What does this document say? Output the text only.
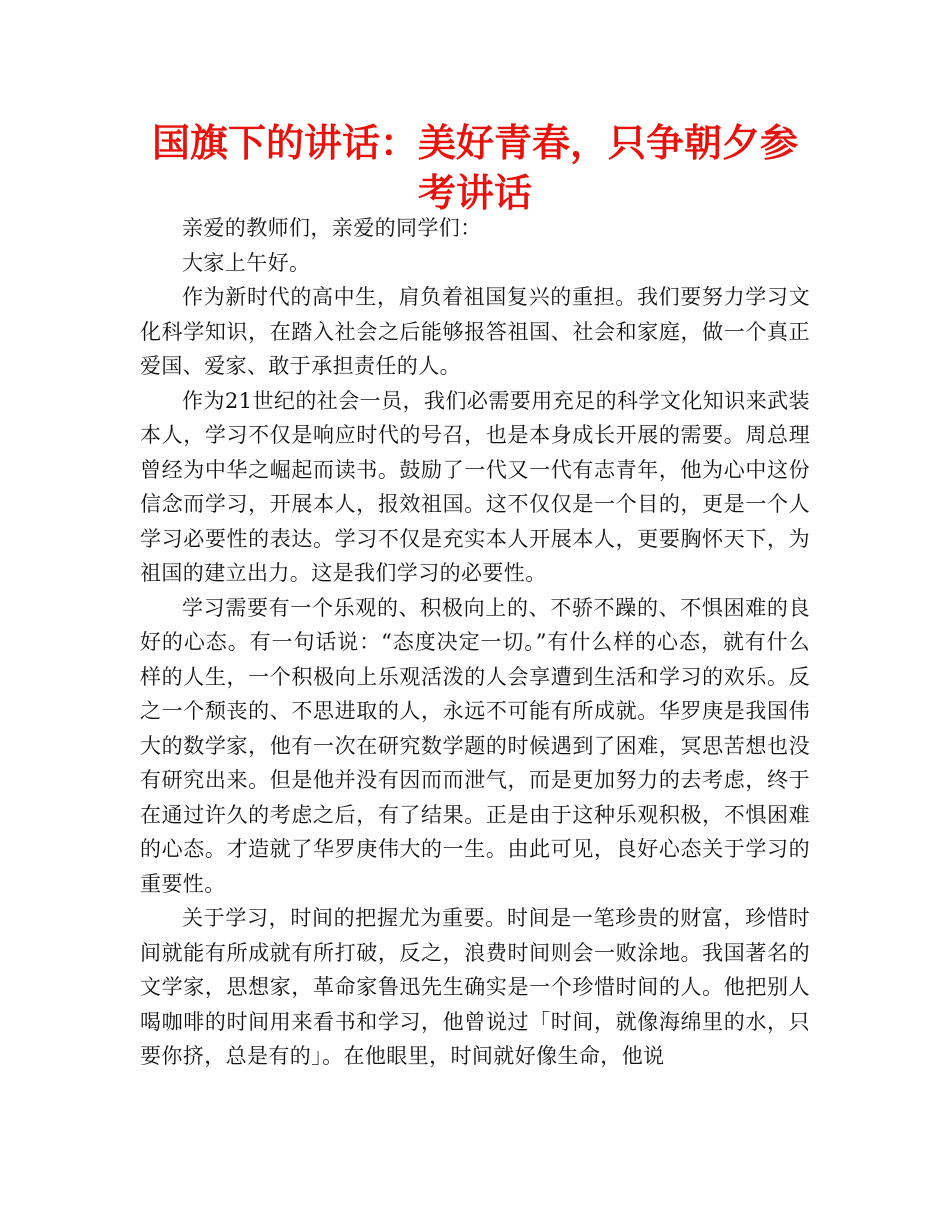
国旗下的讲话：美好青春，只争朝夕参考讲话

亲爱的教师们，亲爱的同学们：

大家上午好。

作为新时代的高中生，肩负着祖国复兴的重担。我们要努力学习文化科学知识，在踏入社会之后能够报答祖国、社会和家庭，做一个真正爱国、爱家、敢于承担责任的人。

作为21世纪的社会一员，我们必需要用充足的科学文化知识来武装本人，学习不仅是响应时代的号召，也是本身成长开展的需要。周总理曾经为中华之崛起而读书。鼓励了一代又一代有志青年，他为心中这份信念而学习，开展本人，报效祖国。这不仅仅是一个目的，更是一个人学习必要性的表达。学习不仅是充实本人开展本人，更要胸怀天下，为祖国的建立出力。这是我们学习的必要性。

学习需要有一个乐观的、积极向上的、不骄不躁的、不惧困难的良好的心态。有一句话说：“态度决定一切。”有什么样的心态，就有什么样的人生，一个积极向上乐观活泼的人会享遭到生活和学习的欢乐。反之一个颓丧的、不思进取的人，永远不可能有所成就。华罗庚是我国伟大的数学家，他有一次在研究数学题的时候遇到了困难，冥思苦想也没有研究出来。但是他并没有因而而泄气，而是更加努力的去考虑，终于在通过许久的考虑之后，有了结果。正是由于这种乐观积极，不惧困难的心态。才造就了华罗庚伟大的一生。由此可见，良好心态关于学习的重要性。

关于学习，时间的把握尤为重要。时间是一笔珍贵的财富，珍惜时间就能有所成就有所打破，反之，浪费时间则会一败涂地。我国著名的文学家，思想家，革命家鲁迅先生确实是一个珍惜时间的人。他把别人喝咖啡的时间用来看书和学习，他曾说过「时间，就像海绵里的水，只要你挤，总是有的」。在他眼里，时间就好像生命，他说
